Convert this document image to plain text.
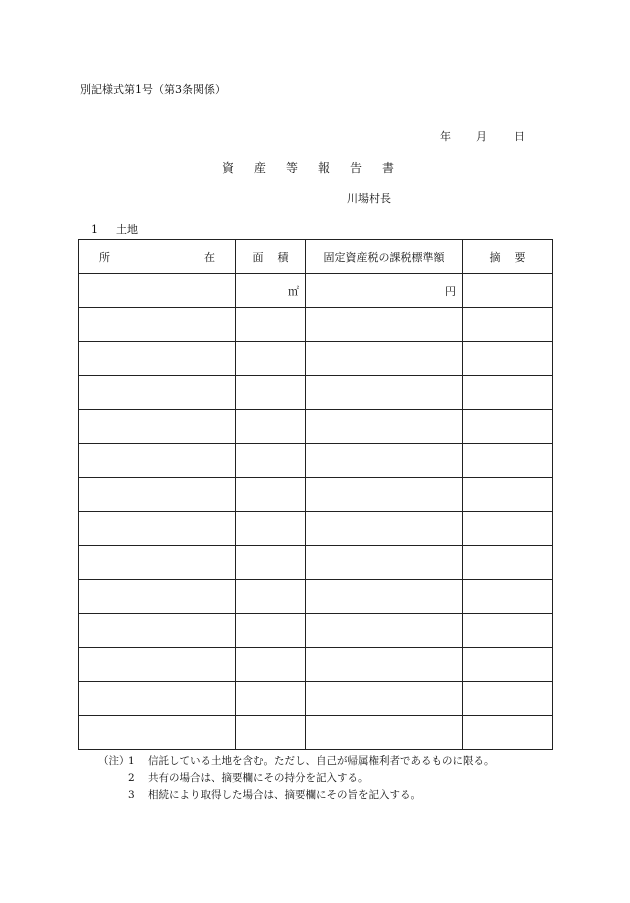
別記様式第1号（第3条関係）
年 月 日
資産等報告書
川場村長
1 土地
所 在	面積	固定資産税の課税標準額	摘要
	㎡	円	

（注）
1	信託している土地を含む。ただし、自己が帰属権利者であるものに限る。
2	共有の場合は、摘要欄にその持分を記入する。
3	相続により取得した場合は、摘要欄にその旨を記入する。
